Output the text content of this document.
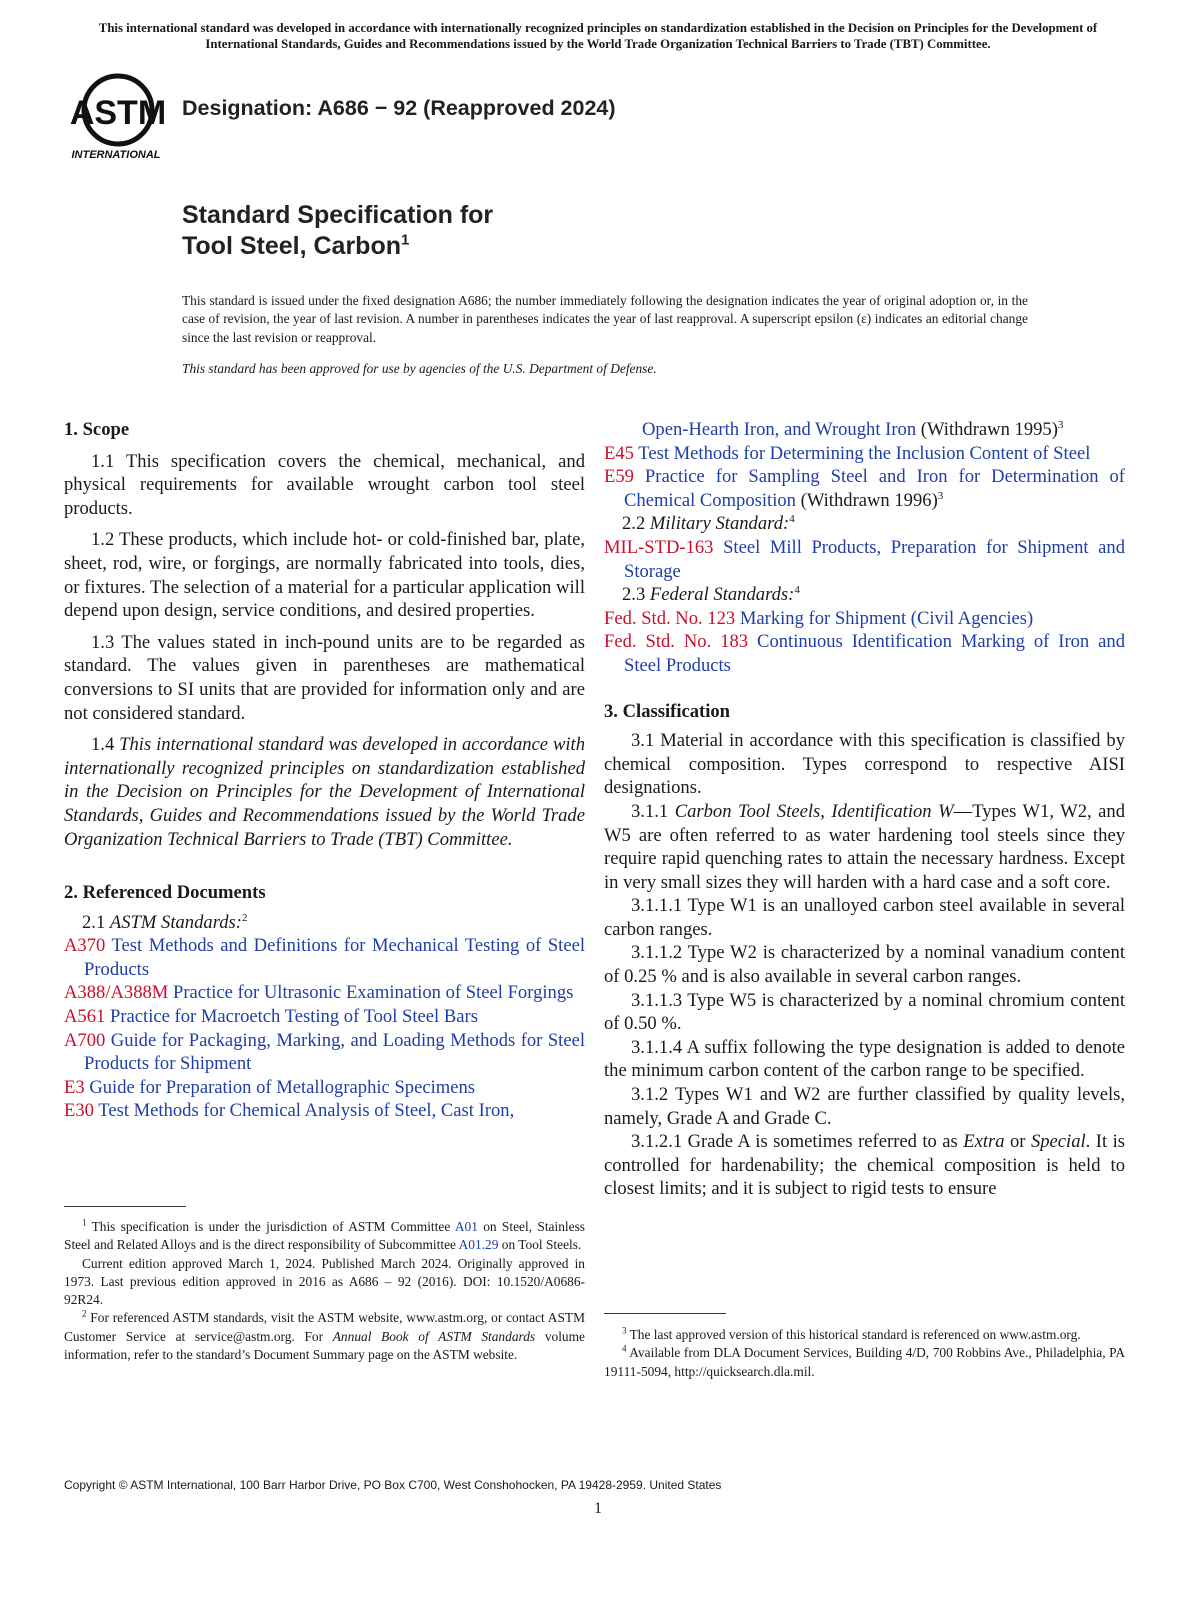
This international standard was developed in accordance with internationally recognized principles on standardization established in the Decision on Principles for the Development of International Standards, Guides and Recommendations issued by the World Trade Organization Technical Barriers to Trade (TBT) Committee.
ASTM
INTERNATIONAL
Designation: A686 − 92 (Reapproved 2024)
Standard Specification for
Tool Steel, Carbon$^1$
This standard is issued under the fixed designation A686; the number immediately following the designation indicates the year of original adoption or, in the case of revision, the year of last revision. A number in parentheses indicates the year of last reapproval. A superscript epsilon (ε) indicates an editorial change since the last revision or reapproval.
This standard has been approved for use by agencies of the U.S. Department of Defense.
1. Scope

1.1 This specification covers the chemical, mechanical, and physical requirements for available wrought carbon tool steel products.

1.2 These products, which include hot- or cold-finished bar, plate, sheet, rod, wire, or forgings, are normally fabricated into tools, dies, or fixtures. The selection of a material for a particular application will depend upon design, service conditions, and desired properties.

1.3 The values stated in inch-pound units are to be regarded as standard. The values given in parentheses are mathematical conversions to SI units that are provided for information only and are not considered standard.

1.4 This international standard was developed in accordance with internationally recognized principles on standardization established in the Decision on Principles for the Development of International Standards, Guides and Recommendations issued by the World Trade Organization Technical Barriers to Trade (TBT) Committee.

2. Referenced Documents

2.1 ASTM Standards:$^2$

A370 Test Methods and Definitions for Mechanical Testing of Steel Products
A388/A388M Practice for Ultrasonic Examination of Steel Forgings
A561 Practice for Macroetch Testing of Tool Steel Bars
A700 Guide for Packaging, Marking, and Loading Methods for Steel Products for Shipment
E3 Guide for Preparation of Metallographic Specimens
E30 Test Methods for Chemical Analysis of Steel, Cast Iron,

$^1$ This specification is under the jurisdiction of ASTM Committee A01 on Steel, Stainless Steel and Related Alloys and is the direct responsibility of Subcommittee A01.29 on Tool Steels.

Current edition approved March 1, 2024. Published March 2024. Originally approved in 1973. Last previous edition approved in 2016 as A686 – 92 (2016). DOI: 10.1520/A0686-92R24.

$^2$ For referenced ASTM standards, visit the ASTM website, www.astm.org, or contact ASTM Customer Service at service@astm.org. For Annual Book of ASTM Standards volume information, refer to the standard’s Document Summary page on the ASTM website.

Open-Hearth Iron, and Wrought Iron (Withdrawn 1995)$^3$
E45 Test Methods for Determining the Inclusion Content of Steel
E59 Practice for Sampling Steel and Iron for Determination of Chemical Composition (Withdrawn 1996)$^3$

2.2 Military Standard:$^4$

MIL-STD-163 Steel Mill Products, Preparation for Shipment and Storage

2.3 Federal Standards:$^4$

Fed. Std. No. 123 Marking for Shipment (Civil Agencies)
Fed. Std. No. 183 Continuous Identification Marking of Iron and Steel Products
3. Classification

3.1 Material in accordance with this specification is classified by chemical composition. Types correspond to respective AISI designations.

3.1.1 Carbon Tool Steels, Identification W—Types W1, W2, and W5 are often referred to as water hardening tool steels since they require rapid quenching rates to attain the necessary hardness. Except in very small sizes they will harden with a hard case and a soft core.

3.1.1.1 Type W1 is an unalloyed carbon steel available in several carbon ranges.

3.1.1.2 Type W2 is characterized by a nominal vanadium content of 0.25 % and is also available in several carbon ranges.

3.1.1.3 Type W5 is characterized by a nominal chromium content of 0.50 %.

3.1.1.4 A suffix following the type designation is added to denote the minimum carbon content of the carbon range to be specified.

3.1.2 Types W1 and W2 are further classified by quality levels, namely, Grade A and Grade C.

3.1.2.1 Grade A is sometimes referred to as Extra or Special. It is controlled for hardenability; the chemical composition is held to closest limits; and it is subject to rigid tests to ensure

$^3$ The last approved version of this historical standard is referenced on www.astm.org.

$^4$ Available from DLA Document Services, Building 4/D, 700 Robbins Ave., Philadelphia, PA 19111-5094, http://quicksearch.dla.mil.

Copyright © ASTM International, 100 Barr Harbor Drive, PO Box C700, West Conshohocken, PA 19428-2959. United States
1
